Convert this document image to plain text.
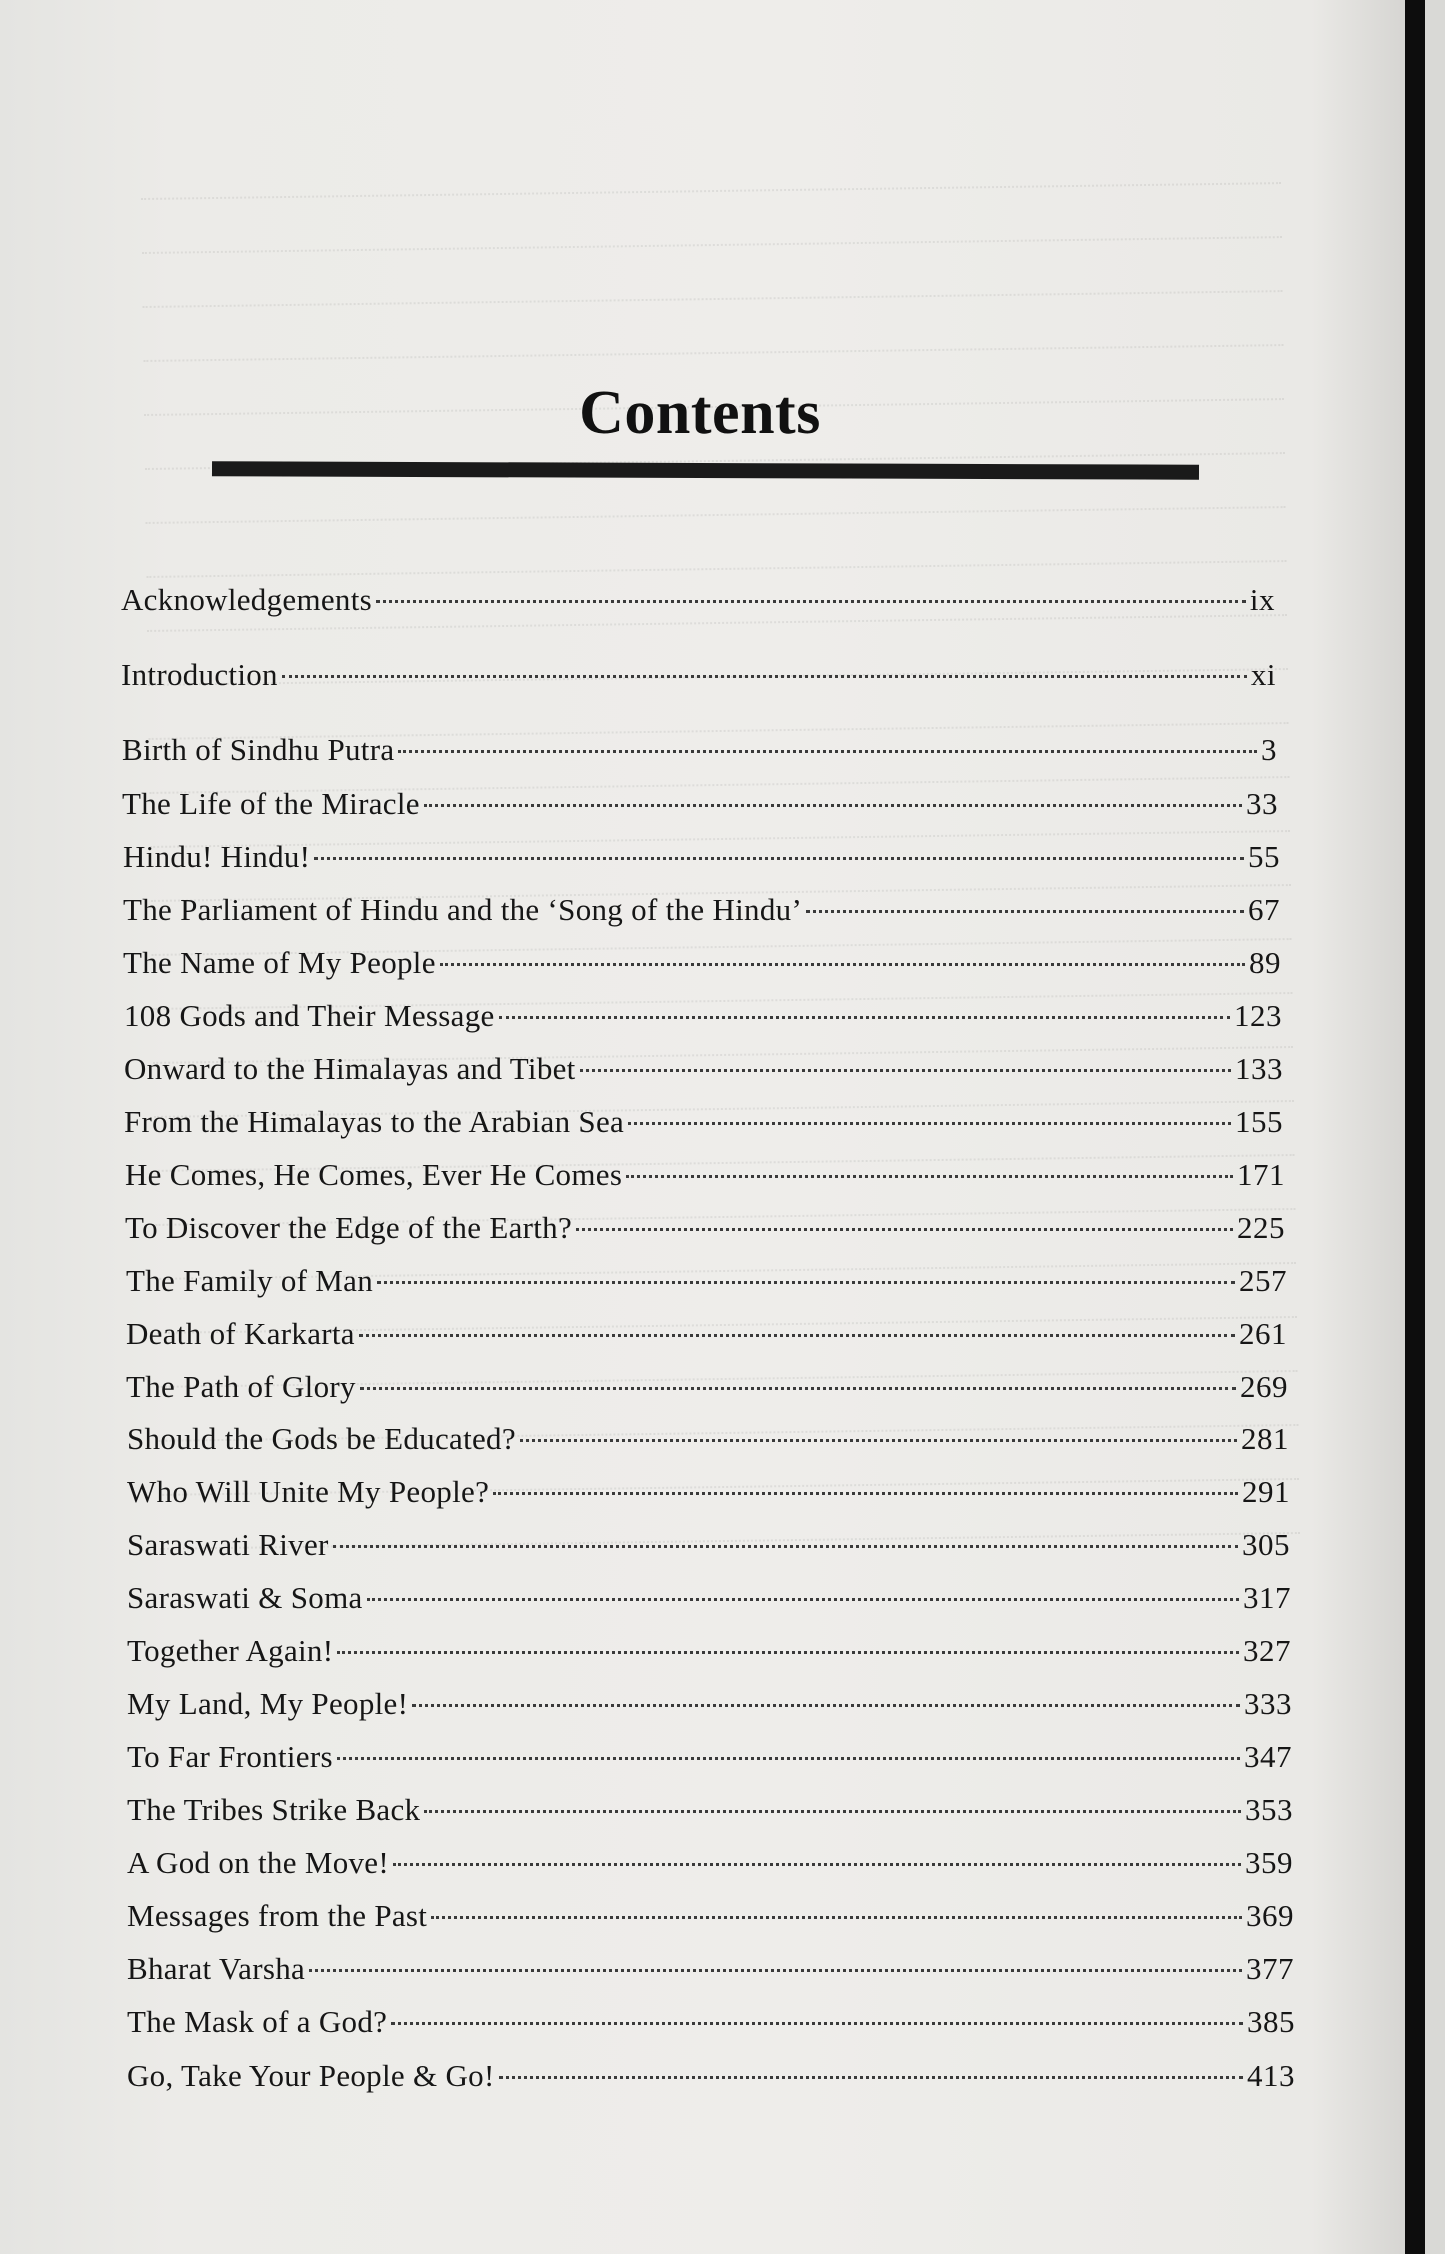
Contents
Acknowledgements	ix
Introduction	xi
Birth of Sindhu Putra	3
The Life of the Miracle	33
Hindu! Hindu!	55
The Parliament of Hindu and the ‘Song of the Hindu’	67
The Name of My People	89
108 Gods and Their Message	123
Onward to the Himalayas and Tibet	133
From the Himalayas to the Arabian Sea	155
He Comes, He Comes, Ever He Comes	171
To Discover the Edge of the Earth?	225
The Family of Man	257
Death of Karkarta	261
The Path of Glory	269
Should the Gods be Educated?	281
Who Will Unite My People?	291
Saraswati River	305
Saraswati & Soma	317
Together Again!	327
My Land, My People!	333
To Far Frontiers	347
The Tribes Strike Back	353
A God on the Move!	359
Messages from the Past	369
Bharat Varsha	377
The Mask of a God?	385
Go, Take Your People & Go!	413
